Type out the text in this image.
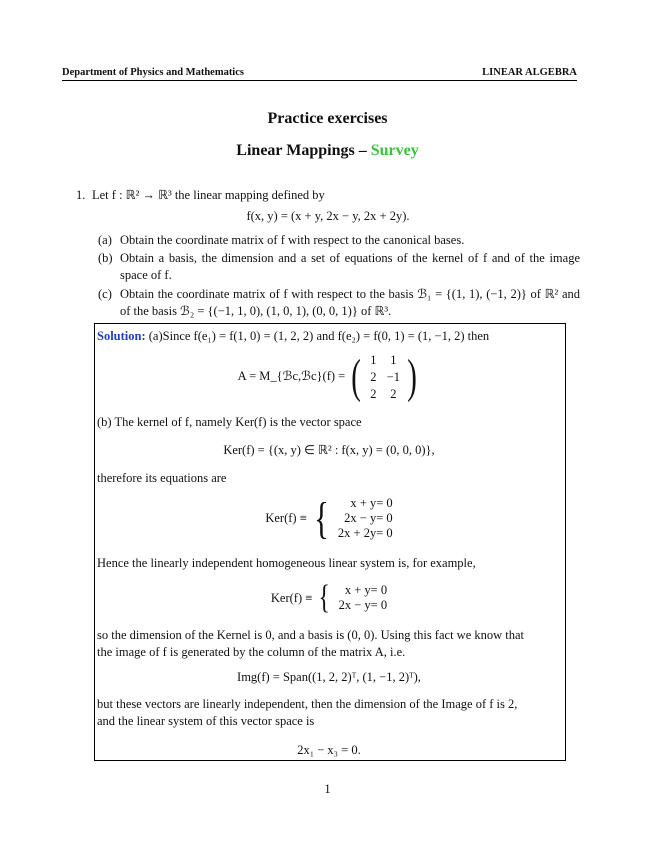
Department of Physics and Mathematics	LINEAR ALGEBRA
Practice exercises
Linear Mappings – Survey
1. Let f : ℝ² → ℝ³ the linear mapping defined by
f(x, y) = (x + y, 2x − y, 2x + 2y).
(a) Obtain the coordinate matrix of f with respect to the canonical bases.
(b) Obtain a basis, the dimension and a set of equations of the kernel of f and of the image space of f.
(c) Obtain the coordinate matrix of f with respect to the basis ℬ₁ = {(1, 1), (−1, 2)} of ℝ² and of the basis ℬ₂ = {(−1, 1, 0), (1, 0, 1), (0, 0, 1)} of ℝ³.
Solution: (a)Since f(e₁) = f(1, 0) = (1, 2, 2) and f(e₂) = f(0, 1) = (1, −1, 2) then
A = M_{ℬc,ℬc}(f) = ( 1	1
2 −1
2	2 )
(b) The kernel of f, namely Ker(f) is the vector space
Ker(f) = {(x, y) ∈ ℝ² : f(x, y) = (0, 0, 0)},
therefore its equations are
Ker(f) ≡ {	x + y= 0
2x − y= 0
2x + 2y= 0
Hence the linearly independent homogeneous linear system is, for example,
Ker(f) ≡ {	x + y= 0
2x − y= 0
so the dimension of the Kernel is 0, and a basis is (0, 0). Using this fact we know that
the image of f is generated by the column of the matrix A, i.e.
Img(f) = Span((1, 2, 2)ᵀ, (1, −1, 2)ᵀ),
but these vectors are linearly independent, then the dimension of the Image of f is 2,
and the linear system of this vector space is
2x₁ − x₃ = 0.
1
